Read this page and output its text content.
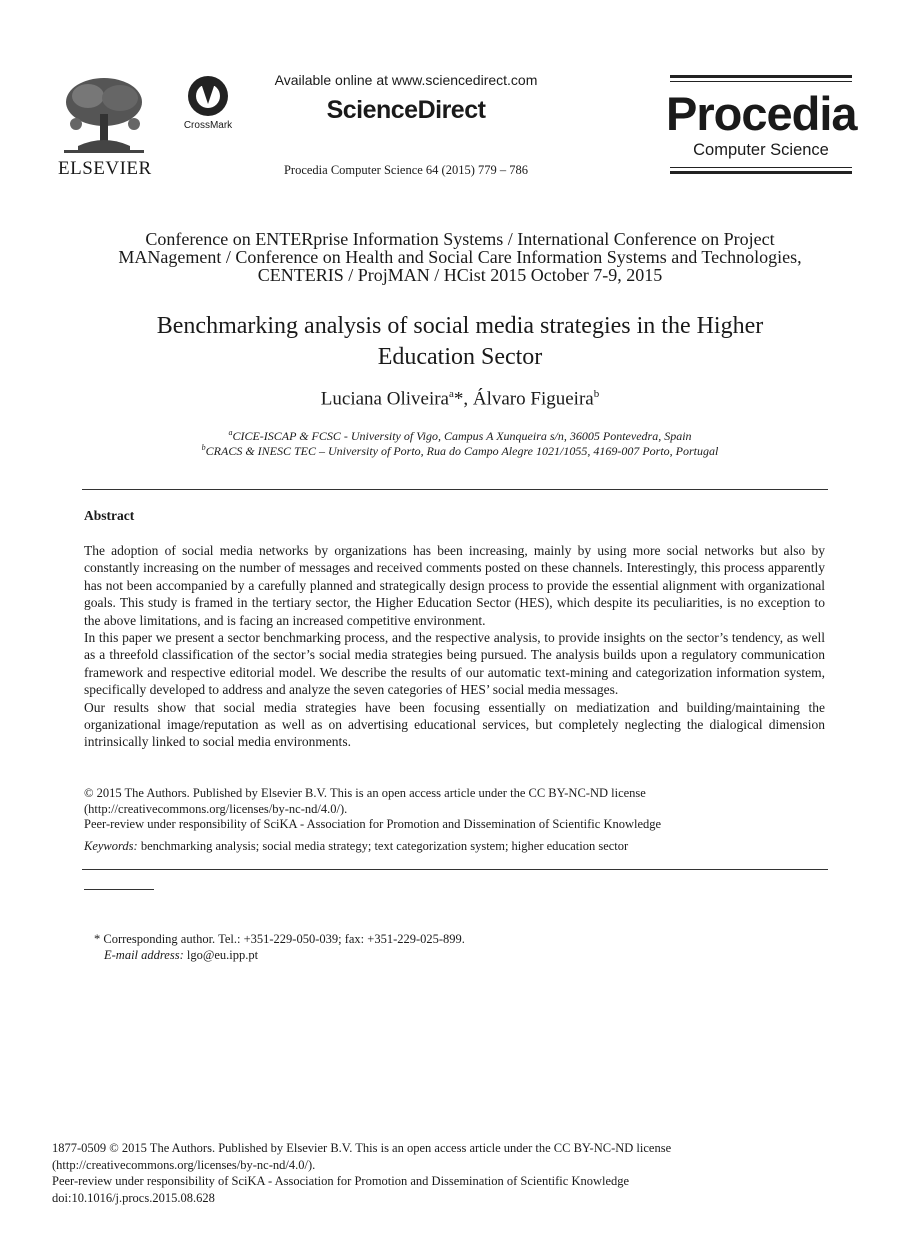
ELSEVIER
CrossMark
Available online at www.sciencedirect.com
ScienceDirect
Procedia Computer Science 64 (2015) 779 – 786
Procedia
Computer Science
Conference on ENTERprise Information Systems / International Conference on Project
MANagement / Conference on Health and Social Care Information Systems and Technologies,
CENTERIS / ProjMAN / HCist 2015 October 7-9, 2015
Benchmarking analysis of social media strategies in the Higher
Education Sector
Luciana Oliveira$^a$*, Álvaro Figueira$^b$
$^a$CICE-ISCAP & FCSC - University of Vigo, Campus A Xunqueira s/n, 36005 Pontevedra, Spain
$^b$CRACS & INESC TEC – University of Porto, Rua do Campo Alegre 1021/1055, 4169-007 Porto, Portugal
Abstract

The adoption of social media networks by organizations has been increasing, mainly by using more social networks but also by constantly increasing on the number of messages and received comments posted on these channels. Interestingly, this process apparently has not been accompanied by a carefully planned and strategically design process to provide the essential alignment with organizational goals. This study is framed in the tertiary sector, the Higher Education Sector (HES), which despite its peculiarities, is no exception to the above limitations, and is facing an increased competitive environment.

In this paper we present a sector benchmarking process, and the respective analysis, to provide insights on the sector’s tendency, as well as a threefold classification of the sector’s social media strategies being pursued. The analysis builds upon a regulatory communication framework and respective editorial model. We describe the results of our automatic text-mining and categorization information system, specifically developed to address and analyze the seven categories of HES’ social media messages.

Our results show that social media strategies have been focusing essentially on mediatization and building/maintaining the organizational image/reputation as well as on advertising educational services, but completely neglecting the dialogical dimension intrinsically linked to social media environments.

© 2015 The Authors. Published by Elsevier B.V. This is an open access article under the CC BY-NC-ND license

(http://creativecommons.org/licenses/by-nc-nd/4.0/).

Peer-review under responsibility of SciKA - Association for Promotion and Dissemination of Scientific Knowledge

Keywords: benchmarking analysis; social media strategy; text categorization system; higher education sector

* Corresponding author. Tel.: +351-229-050-039; fax: +351-229-025-899.

E-mail address: lgo@eu.ipp.pt

1877-0509 © 2015 The Authors. Published by Elsevier B.V. This is an open access article under the CC BY-NC-ND license

(http://creativecommons.org/licenses/by-nc-nd/4.0/).

Peer-review under responsibility of SciKA - Association for Promotion and Dissemination of Scientific Knowledge

doi:10.1016/j.procs.2015.08.628
